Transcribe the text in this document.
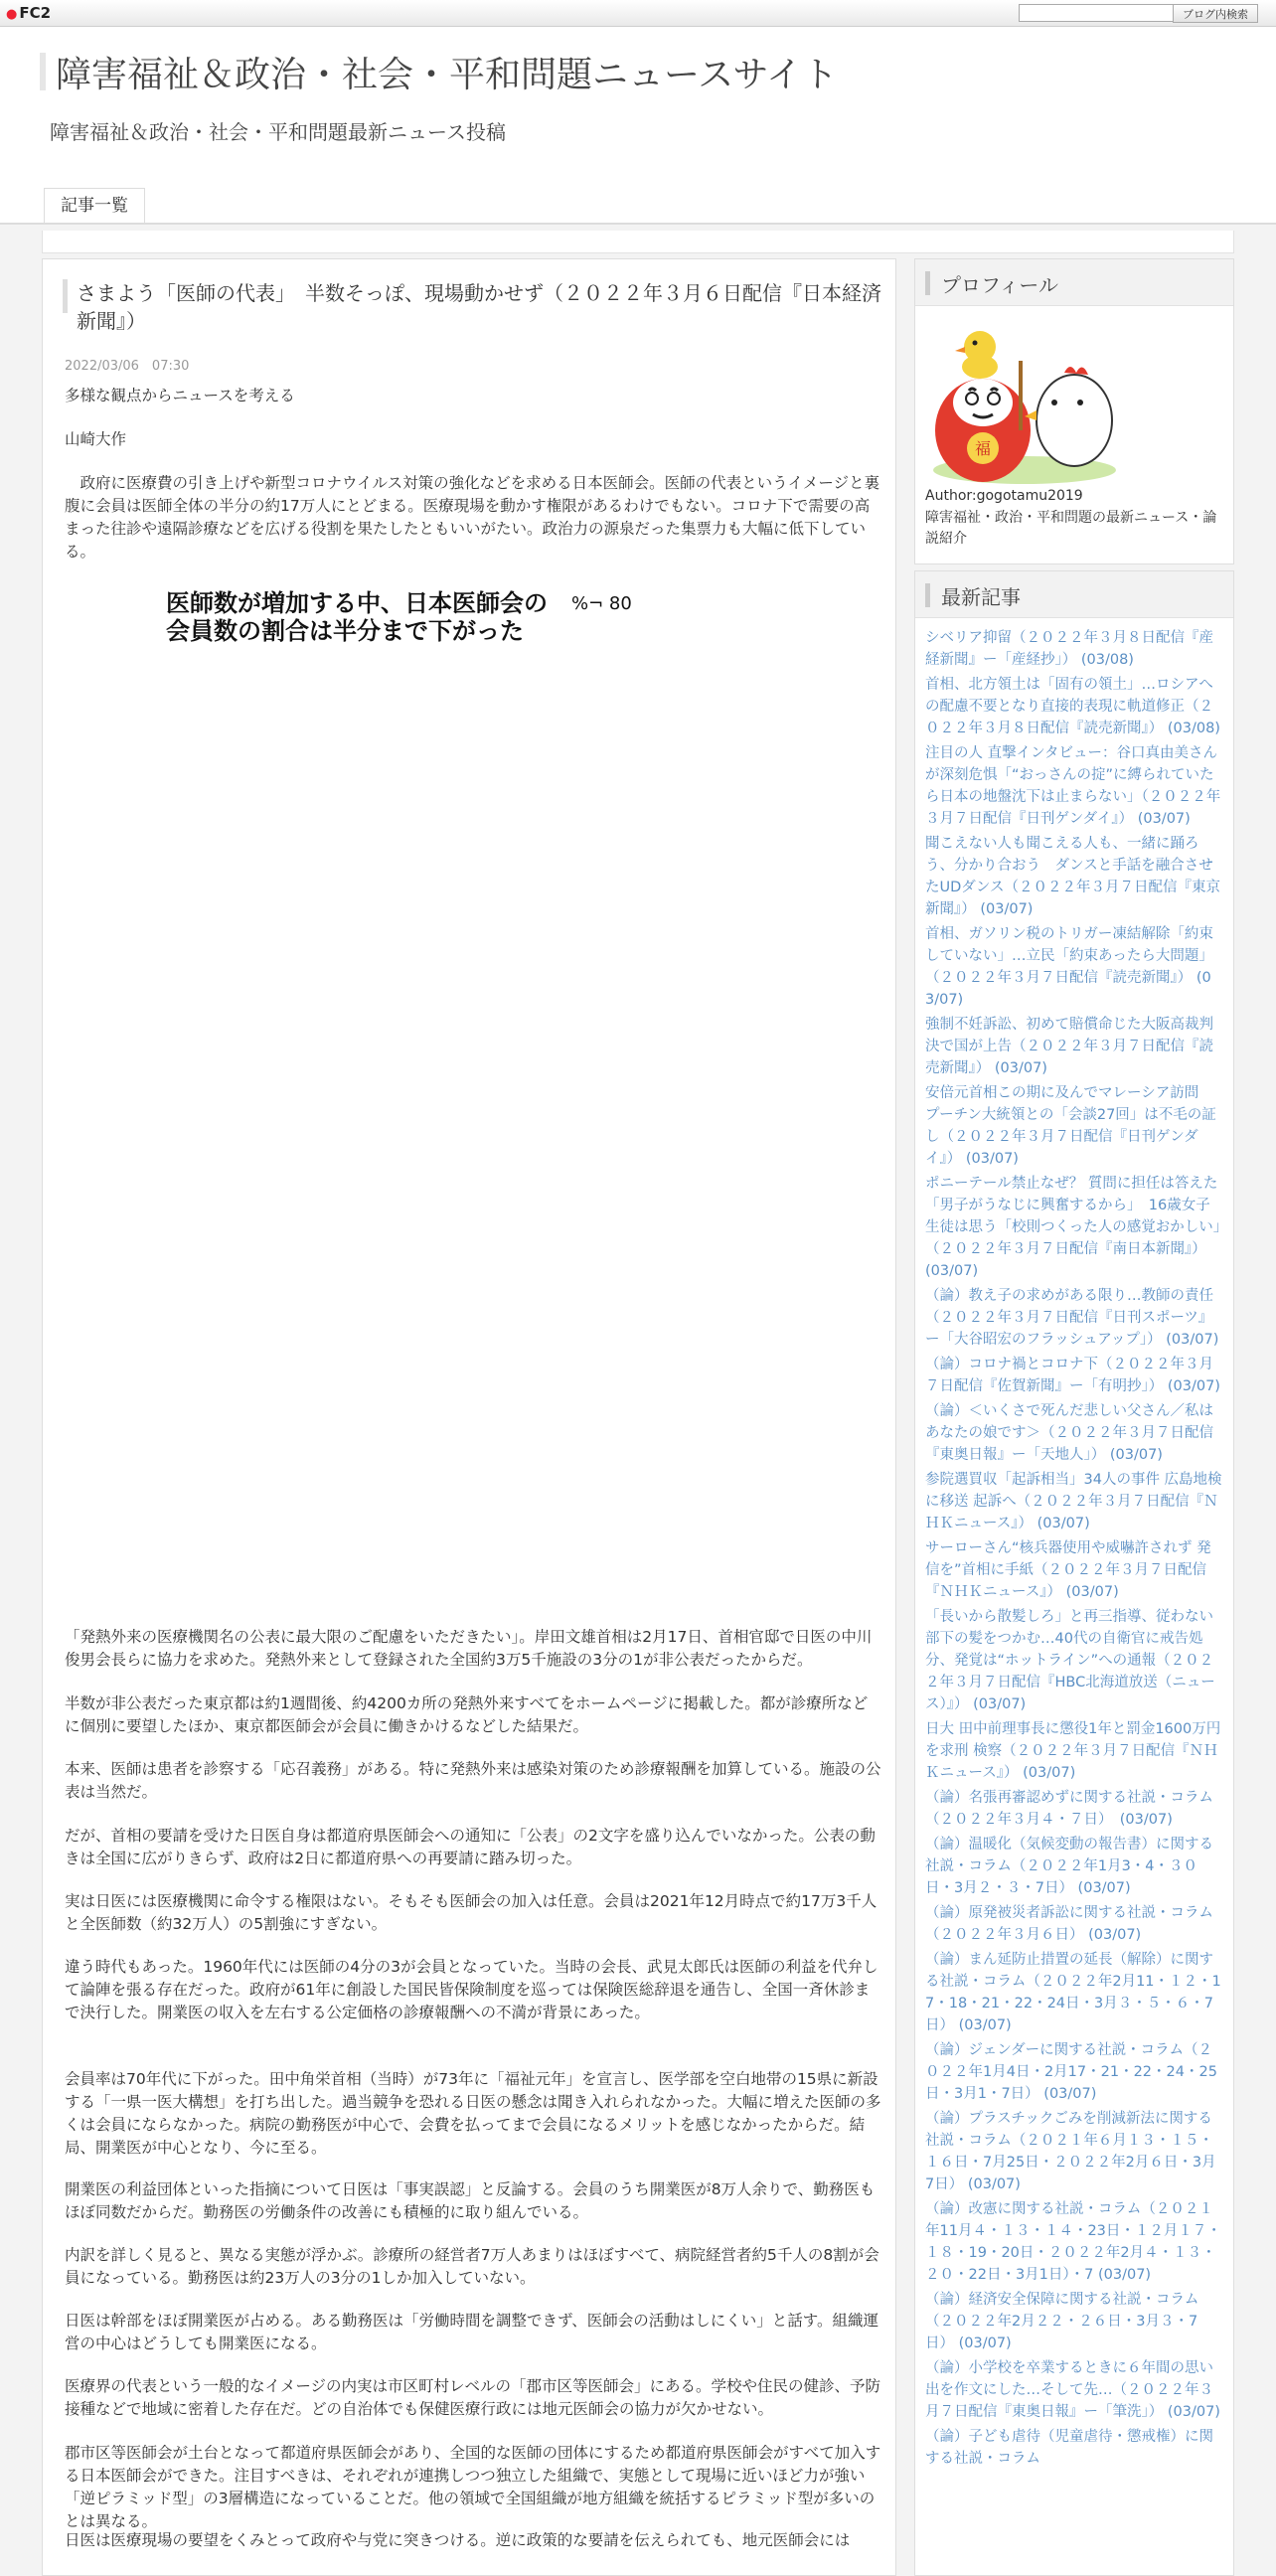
● FC2	ブログ内検索
障害福祉＆政治・社会・平和問題ニュースサイト
障害福祉＆政治・社会・平和問題最新ニュース投稿
記事一覧
さまよう「医師の代表」　半数そっぽ、現場動かせず（２０２２年３月６日配信『日本経済新聞』）
2022/03/06　07:30

多様な観点からニュースを考える

山崎大作

　政府に医療費の引き上げや新型コロナウイルス対策の強化などを求める日本医師会。医師の代表というイメージと裏腹に会員は医師全体の半分の約17万人にとどまる。医療現場を動かす権限があるわけでもない。コロナ下で需要の高まった往診や遠隔診療などを広げる役割を果たしたともいいがたい。政治力の源泉だった集票力も大幅に低下している。

医師数が増加する中、日本医師会の
会員数の割合は半分まで下がった
%¬ 80

「発熱外来の医療機関名の公表に最大限のご配慮をいただきたい」。岸田文雄首相は2月17日、首相官邸で日医の中川俊男会長らに協力を求めた。発熱外来として登録された全国約3万5千施設の3分の1が非公表だったからだ。

半数が非公表だった東京都は約1週間後、約4200カ所の発熱外来すべてをホームページに掲載した。都が診療所などに個別に要望したほか、東京都医師会が会員に働きかけるなどした結果だ。

本来、医師は患者を診察する「応召義務」がある。特に発熱外来は感染対策のため診療報酬を加算している。施設の公表は当然だ。

だが、首相の要請を受けた日医自身は都道府県医師会への通知に「公表」の2文字を盛り込んでいなかった。公表の動きは全国に広がりきらず、政府は2日に都道府県への再要請に踏み切った。

実は日医には医療機関に命令する権限はない。そもそも医師会の加入は任意。会員は2021年12月時点で約17万3千人と全医師数（約32万人）の5割強にすぎない。

違う時代もあった。1960年代には医師の4分の3が会員となっていた。当時の会長、武見太郎氏は医師の利益を代弁して論陣を張る存在だった。政府が61年に創設した国民皆保険制度を巡っては保険医総辞退を通告し、全国一斉休診まで決行した。開業医の収入を左右する公定価格の診療報酬への不満が背景にあった。

会員率は70年代に下がった。田中角栄首相（当時）が73年に「福祉元年」を宣言し、医学部を空白地帯の15県に新設する「一県一医大構想」を打ち出した。過当競争を恐れる日医の懸念は聞き入れられなかった。大幅に増えた医師の多くは会員にならなかった。病院の勤務医が中心で、会費を払ってまで会員になるメリットを感じなかったからだ。結局、開業医が中心となり、今に至る。

開業医の利益団体といった指摘について日医は「事実誤認」と反論する。会員のうち開業医が8万人余りで、勤務医もほぼ同数だからだ。勤務医の労働条件の改善にも積極的に取り組んでいる。

内訳を詳しく見ると、異なる実態が浮かぶ。診療所の経営者7万人あまりはほぼすべて、病院経営者約5千人の8割が会員になっている。勤務医は約23万人の3分の1しか加入していない。

日医は幹部をほぼ開業医が占める。ある勤務医は「労働時間を調整できず、医師会の活動はしにくい」と話す。組織運営の中心はどうしても開業医になる。

医療界の代表という一般的なイメージの内実は市区町村レベルの「郡市区等医師会」にある。学校や住民の健診、予防接種などで地域に密着した存在だ。どの自治体でも保健医療行政には地元医師会の協力が欠かせない。

郡市区等医師会が土台となって都道府県医師会があり、全国的な医師の団体にするため都道府県医師会がすべて加入する日本医師会ができた。注目すべきは、それぞれが連携しつつ独立した組織で、実態として現場に近いほど力が強い「逆ピラミッド型」の3層構造になっていることだ。他の領域で全国組織が地方組織を統括するピラミッド型が多いのとは異なる。

日医は医療現場の要望をくみとって政府や与党に突きつける。逆に政策的な要請を伝えられても、地元医師会には

プロフィール
福
Author:gogotamu2019
障害福祉・政治・平和問題の最新ニュース・論説紹介
最新記事
シベリア抑留（２０２２年３月８日配信『産経新聞』ー「産経抄」） (03/08)
首相、北方領土は「固有の領土」…ロシアへの配慮不要となり直接的表現に軌道修正（２０２２年３月８日配信『読売新聞』） (03/08)
注目の人 直撃インタビュー：谷口真由美さんが深刻危惧「“おっさんの掟”に縛られていたら日本の地盤沈下は止まらない」（２０２２年３月７日配信『日刊ゲンダイ』） (03/07)
聞こえない人も聞こえる人も、一緒に踊ろう、分かり合おう　ダンスと手話を融合させたUDダンス（２０２２年３月７日配信『東京新聞』） (03/07)
首相、ガソリン税のトリガー凍結解除「約束していない」…立民「約束あったら大問題」（２０２２年３月７日配信『読売新聞』） (03/07)
強制不妊訴訟、初めて賠償命じた大阪高裁判決で国が上告（２０２２年３月７日配信『読売新聞』） (03/07)
安倍元首相この期に及んでマレーシア訪問　プーチン大統領との「会談27回」は不毛の証し（２０２２年３月７日配信『日刊ゲンダイ』） (03/07)
ポニーテール禁止なぜ？ 質問に担任は答えた「男子がうなじに興奮するから」　16歳女子生徒は思う「校則つくった人の感覚おかしい」（２０２２年３月７日配信『南日本新聞』） (03/07)
（論）教え子の求めがある限り…教師の責任（２０２２年３月７日配信『日刊スポーツ』ー「大谷昭宏のフラッシュアップ」） (03/07)
（論）コロナ禍とコロナ下（２０２２年３月７日配信『佐賀新聞』ー「有明抄」） (03/07)
（論）＜いくさで死んだ悲しい父さん／私はあなたの娘です＞（２０２２年３月７日配信『東奥日報』ー「天地人」） (03/07)
参院選買収「起訴相当」34人の事件 広島地検に移送 起訴へ（２０２２年３月７日配信『ＮＨＫニュース』） (03/07)
サーローさん“核兵器使用や威嚇許されず 発信を”首相に手紙（２０２２年３月７日配信『ＮＨＫニュース』） (03/07)
「長いから散髪しろ」と再三指導、従わない部下の髪をつかむ…40代の自衛官に戒告処分、発覚は“ホットライン”への通報（２０２２年３月７日配信『HBC北海道放送（ニュース）』） (03/07)
日大 田中前理事長に懲役1年と罰金1600万円を求刑 検察（２０２２年３月７日配信『ＮＨＫニュース』） (03/07)
（論）名張再審認めずに関する社説・コラム（２０２２年３月４・７日）　(03/07)
（論）温暖化（気候変動の報告書）に関する社説・コラム（２０２２年1月3・4・３０日・3月２・３・7日） (03/07)
（論）原発被災者訴訟に関する社説・コラム（２０２２年３月６日） (03/07)
（論）まん延防止措置の延長（解除）に関する社説・コラム（２０２２年2月11・１２・17・18・21・22・24日・3月３・５・６・7日） (03/07)
（論）ジェンダーに関する社説・コラム（２０２２年1月4日・2月17・21・22・24・25日・3月1・7日） (03/07)
（論）プラスチックごみを削減新法に関する社説・コラム（２０２１年６月１３・１５・１６日・7月25日・２０２２年2月６日・3月7日） (03/07)
（論）改憲に関する社説・コラム（２０２１年11月４・１３・１４・23日・１２月１７・１８・19・20日・２０２２年2月４・１３・２０・22日・3月1日）・7 (03/07)
（論）経済安全保障に関する社説・コラム（２０２２年2月２２・２６日・3月３・7日） (03/07)
（論）小学校を卒業するときに６年間の思い出を作文にした…そして先…（２０２２年３月７日配信『東奥日報』ー「筆洗」） (03/07)
（論）子ども虐待（児童虐待・懲戒権）に関する社説・コラム
